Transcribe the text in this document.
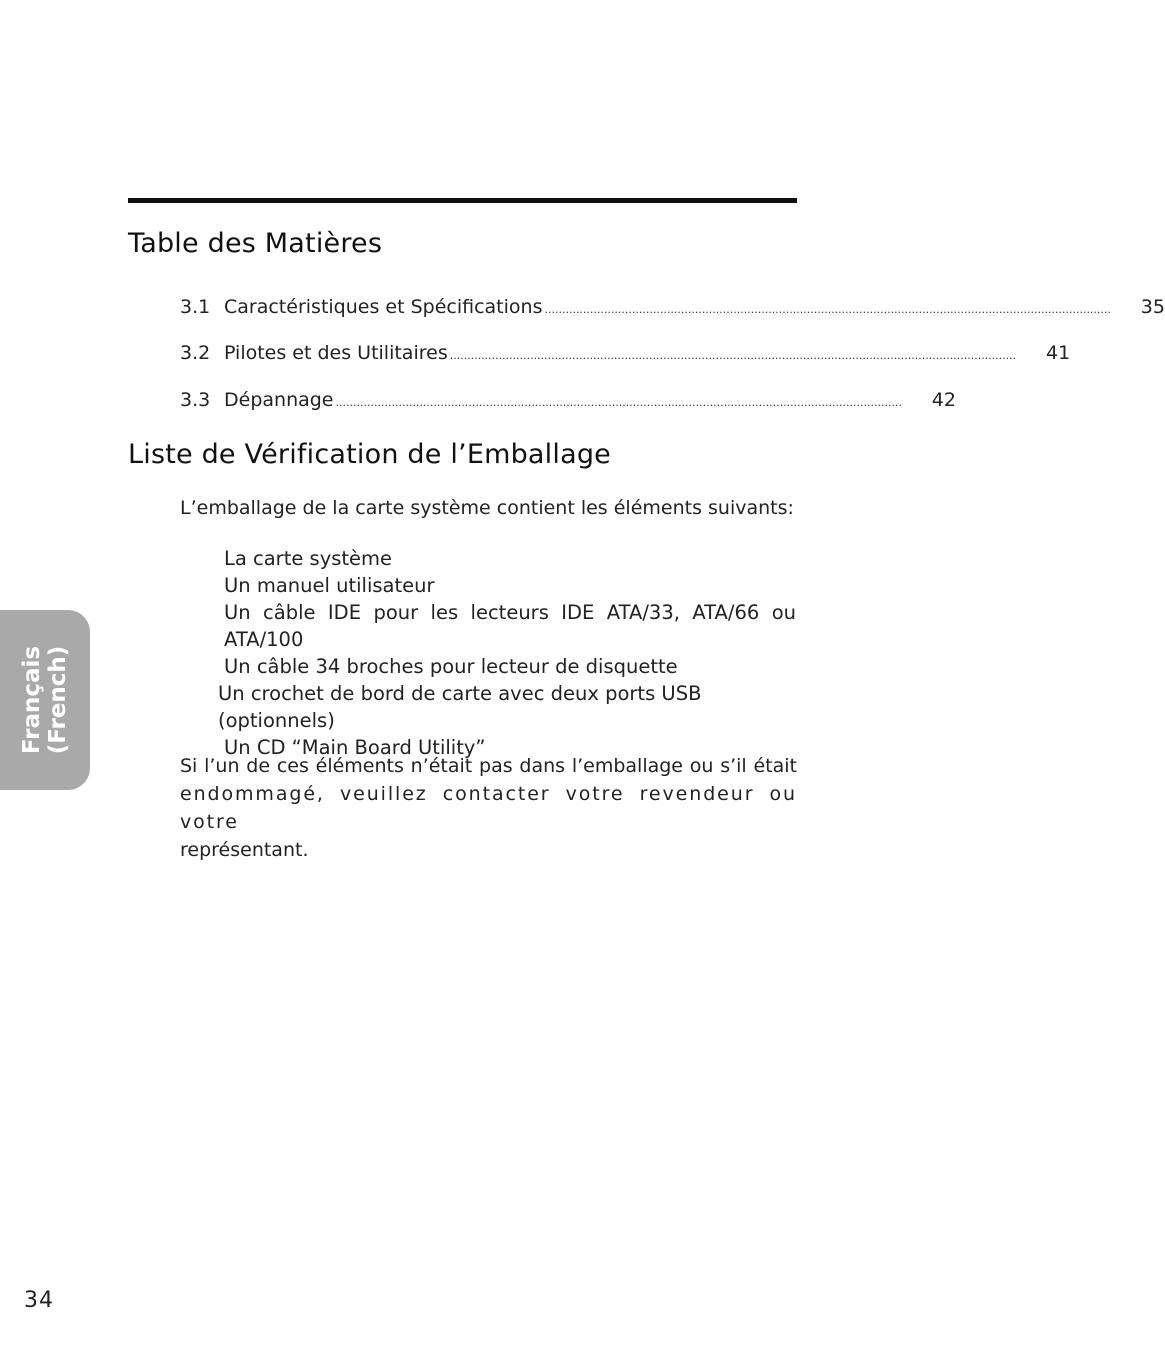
Table des Matières
3.1 Caractéristiques et Spécifications .................................................................................................................................................................. 35
3.2 Pilotes et des Utilitaires .................................................................................................................................................................. 41
3.3 Dépannage .................................................................................................................................................................. 42
Liste de Vérification de l’Emballage
L’emballage de la carte système contient les éléments suivants:
La carte système
Un manuel utilisateur
Un câble IDE pour les lecteurs IDE ATA/33, ATA/66 ou
ATA/100
Un câble 34 broches pour lecteur de disquette
Un crochet de bord de carte avec deux ports USB (optionnels)
Un CD “Main Board Utility”
Si l’un de ces éléments n’était pas dans l’emballage ou s’il était
endommagé, veuillez contacter votre revendeur ou votre
représentant.
Français (French)
34
